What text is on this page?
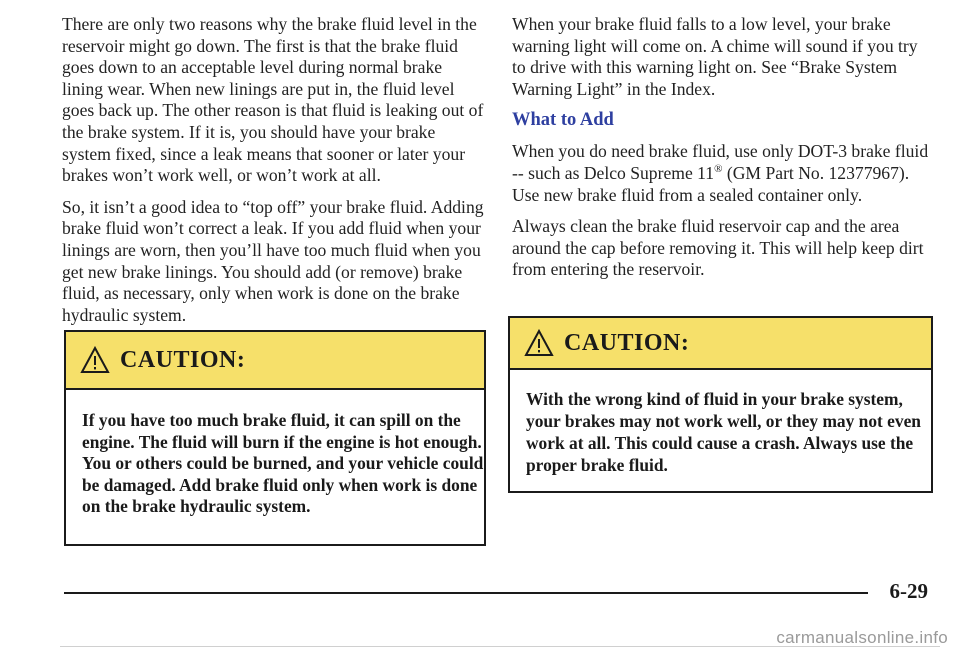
There are only two reasons why the brake fluid level in the reservoir might go down. The first is that the brake fluid goes down to an acceptable level during normal brake lining wear. When new linings are put in, the fluid level goes back up. The other reason is that fluid is leaking out of the brake system. If it is, you should have your brake system fixed, since a leak means that sooner or later your brakes won’t work well, or won’t work at all.

So, it isn’t a good idea to “top off” your brake fluid. Adding brake fluid won’t correct a leak. If you add fluid when your linings are worn, then you’ll have too much fluid when you get new brake linings. You should add (or remove) brake fluid, as necessary, only when work is done on the brake hydraulic system.

CAUTION:

If you have too much brake fluid, it can spill on the engine. The fluid will burn if the engine is hot enough. You or others could be burned, and your vehicle could be damaged. Add brake fluid only when work is done on the brake hydraulic system.

When your brake fluid falls to a low level, your brake warning light will come on. A chime will sound if you try to drive with this warning light on. See “Brake System Warning Light” in the Index.

What to Add

When you do need brake fluid, use only DOT-3 brake fluid -- such as Delco Supreme 11® (GM Part No. 12377967). Use new brake fluid from a sealed container only.

Always clean the brake fluid reservoir cap and the area around the cap before removing it. This will help keep dirt from entering the reservoir.

CAUTION:

With the wrong kind of fluid in your brake system, your brakes may not work well, or they may not even work at all. This could cause a crash. Always use the proper brake fluid.

6-29
carmanualsonline.info
